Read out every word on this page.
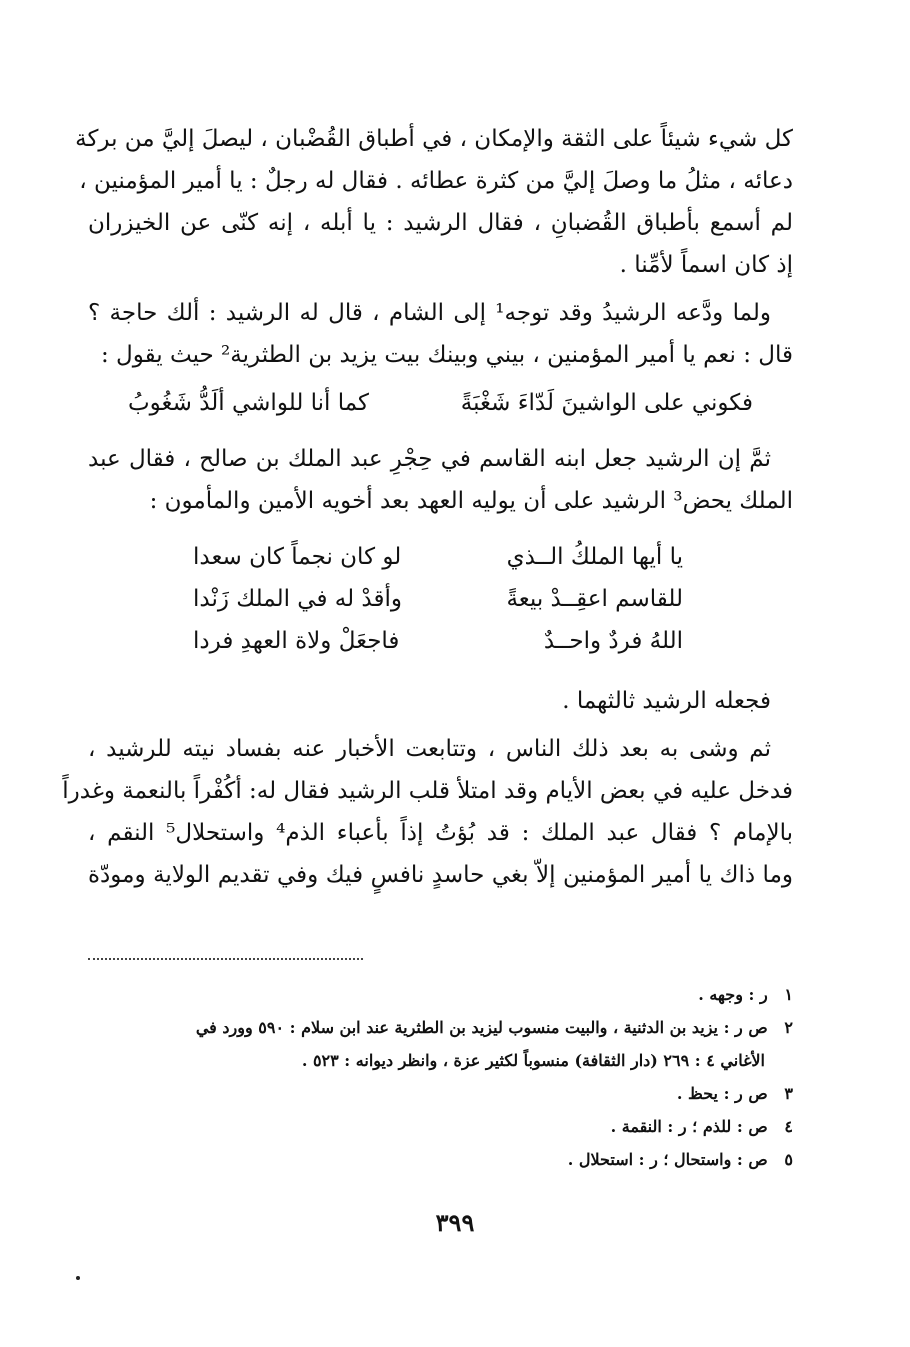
كل شيء شيئاً على الثقة والإمكان ، في أطباق القُضْبان ، ليصلَ إليَّ من بركة
دعائه ، مثلُ ما وصلَ إليَّ من كثرة عطائه . فقال له رجلٌ : يا أمير المؤمنين ،
لم أسمع بأطباق القُضبانِ ، فقال الرشيد : يا أبله ، إنه كنّى عن الخيزران
إذ كان اسماً لأمِّنا .

ولما ودَّعه الرشيدُ وقد توجه¹ إلى الشام ، قال له الرشيد : ألك حاجة ؟

قال : نعم يا أمير المؤمنين ، بيني وبينك بيت يزيد بن الطثرية² حيث يقول :

فكوني على الواشينَ لَدّاءَ شَغْبَةً
كما أنا للواشي ألَدُّ شَغُوبُ

ثمَّ إن الرشيد جعل ابنه القاسم في حِجْرِ عبد الملك بن صالح ، فقال عبد

الملك يحض³ الرشيد على أن يوليه العهد بعد أخويه الأمين والمأمون :

يا أيها الملكُ الــذي
لو كان نجماً كان سعدا
للقاسم اعقِــدْ بيعةً
وأقدْ له في الملك زَنْدا
اللهُ فردٌ واحــدٌ
فاجعَلْ ولاة العهدِ فردا

فجعله الرشيد ثالثهما .

ثم وشى به بعد ذلك الناس ، وتتابعت الأخبار عنه بفساد نيته للرشيد ،

فدخل عليه في بعض الأيام وقد امتلأ قلب الرشيد فقال له: أكُفْراً بالنعمة وغدراً
بالإمام ؟ فقال عبد الملك : قد بُؤتُ إذاً بأعباء الذم⁴ واستحلال⁵ النقم ،
وما ذاك يا أمير المؤمنين إلاّ بغي حاسدٍ نافسٍ فيك وفي تقديم الولاية ومودّة

١   ر : وجهه .
٢   ص ر : يزيد بن الدثنية ، والبيت منسوب ليزيد بن الطثرية عند ابن سلام : ٥٩٠ وورد في
الأغاني ٤ : ٢٦٩ (دار الثقافة) منسوباً لكثير عزة ، وانظر ديوانه : ٥٢٣ .
٣   ص ر : يحظ .
٤   ص : للذم ؛ ر : النقمة .
٥   ص : واستحال ؛ ر : استحلال .
٣٩٩
